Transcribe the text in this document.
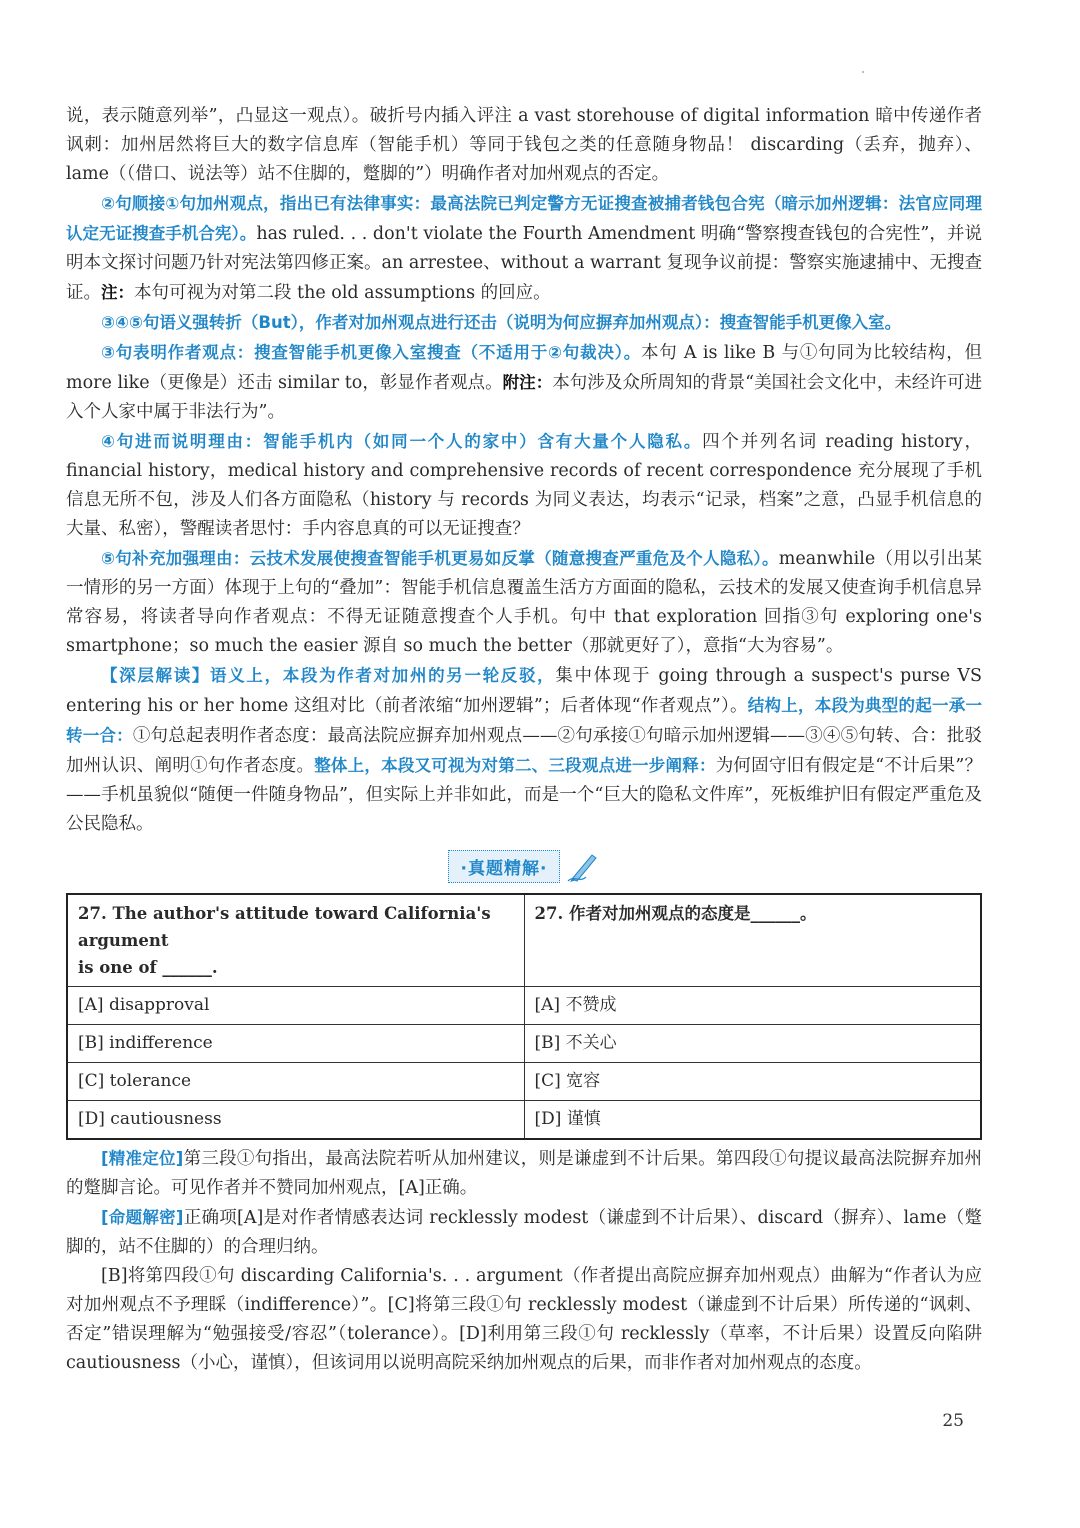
说，表示随意列举”，凸显这一观点）。破折号内插入评注 a vast storehouse of digital information 暗中传递作者讽刺：加州居然将巨大的数字信息库（智能手机）等同于钱包之类的任意随身物品！ discarding（丢弃，抛弃）、lame（（借口、说法等）站不住脚的，蹩脚的”）明确作者对加州观点的否定。

②句顺接①句加州观点，指出已有法律事实：最高法院已判定警方无证搜查被捕者钱包合宪（暗示加州逻辑：法官应同理认定无证搜查手机合宪）。has ruled. . . don't violate the Fourth Amendment 明确“警察搜查钱包的合宪性”，并说明本文探讨问题乃针对宪法第四修正案。an arrestee、without a warrant 复现争议前提：警察实施逮捕中、无搜查证。注：本句可视为对第二段 the old assumptions 的回应。

③④⑤句语义强转折（But），作者对加州观点进行还击（说明为何应摒弃加州观点）：搜查智能手机更像入室。

③句表明作者观点：搜查智能手机更像入室搜查（不适用于②句裁决）。本句 A is like B 与①句同为比较结构，但 more like（更像是）还击 similar to，彰显作者观点。附注：本句涉及众所周知的背景“美国社会文化中，未经许可进入个人家中属于非法行为”。

④句进而说明理由：智能手机内（如同一个人的家中）含有大量个人隐私。四个并列名词 reading history，financial history，medical history and comprehensive records of recent correspondence 充分展现了手机信息无所不包，涉及人们各方面隐私（history 与 records 为同义表达，均表示“记录，档案”之意，凸显手机信息的大量、私密），警醒读者思忖：手内容息真的可以无证搜查？

⑤句补充加强理由：云技术发展使搜查智能手机更易如反掌（随意搜查严重危及个人隐私）。meanwhile（用以引出某一情形的另一方面）体现于上句的“叠加”：智能手机信息覆盖生活方方面面的隐私，云技术的发展又使查询手机信息异常容易，将读者导向作者观点：不得无证随意搜查个人手机。句中 that exploration 回指③句 exploring one's smartphone；so much the easier 源自 so much the better（那就更好了），意指“大为容易”。

【深层解读】语义上，本段为作者对加州的另一轮反驳，集中体现于 going through a suspect's purse VS entering his or her home 这组对比（前者浓缩“加州逻辑”；后者体现“作者观点”）。结构上，本段为典型的起一承一转一合：①句总起表明作者态度：最高法院应摒弃加州观点——②句承接①句暗示加州逻辑——③④⑤句转、合：批驳加州认识、阐明①句作者态度。整体上，本段又可视为对第二、三段观点进一步阐释：为何固守旧有假定是“不计后果”？——手机虽貌似“随便一件随身物品”，但实际上并非如此，而是一个“巨大的隐私文件库”，死板维护旧有假定严重危及公民隐私。

·真题精解·
27. The author's attitude toward California's argument
is one of ______.	27. 作者对加州观点的态度是______。
[A] disapproval	[A] 不赞成
[B] indifference	[B] 不关心
[C] tolerance	[C] 宽容
[D] cautiousness	[D] 谨慎

[精准定位]第三段①句指出，最高法院若听从加州建议，则是谦虚到不计后果。第四段①句提议最高法院摒弃加州的蹩脚言论。可见作者并不赞同加州观点，[A]正确。

[命题解密]正确项[A]是对作者情感表达词 recklessly modest（谦虚到不计后果）、discard（摒弃）、lame（蹩脚的，站不住脚的）的合理归纳。

[B]将第四段①句 discarding California's. . . argument（作者提出高院应摒弃加州观点）曲解为“作者认为应对加州观点不予理睬（indifference）”。[C]将第三段①句 recklessly modest（谦虚到不计后果）所传递的“讽刺、否定”错误理解为“勉强接受/容忍”（tolerance）。[D]利用第三段①句 recklessly（草率，不计后果）设置反向陷阱 cautiousness（小心，谨慎），但该词用以说明高院采纳加州观点的后果，而非作者对加州观点的态度。

25
